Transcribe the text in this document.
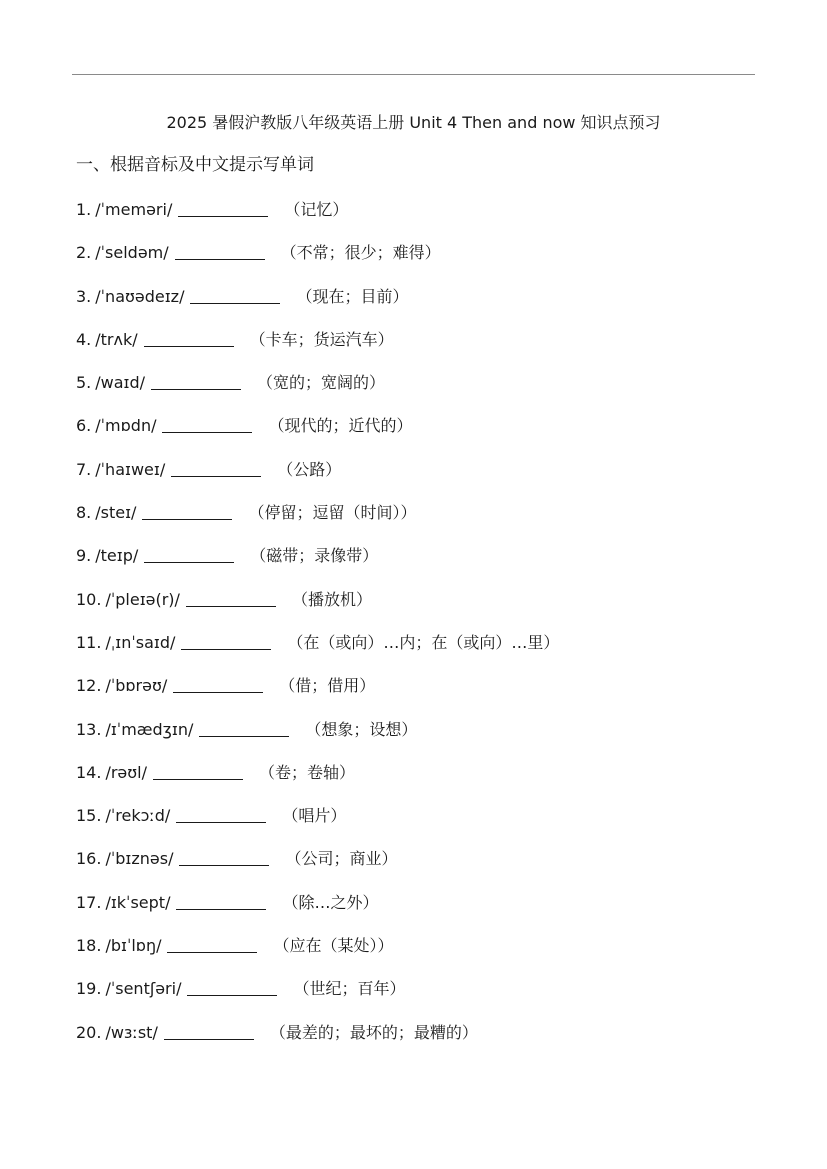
2025 暑假沪教版八年级英语上册 Unit 4 Then and now 知识点预习
一、根据音标及中文提示写单词
1. /ˈmeməri/	（记忆）
2. /ˈseldəm/	（不常；很少；难得）
3. /ˈnaʊədeɪz/	（现在；目前）
4. /trʌk/	（卡车；货运汽车）
5. /waɪd/	（宽的；宽阔的）
6. /ˈmɒdn/	（现代的；近代的）
7. /ˈhaɪweɪ/	（公路）
8. /steɪ/	（停留；逗留（时间））
9. /teɪp/	（磁带；录像带）
10. /ˈpleɪə(r)/	（播放机）
11. /ˌɪnˈsaɪd/	（在（或向）…内；在（或向）…里）
12. /ˈbɒrəʊ/	（借；借用）
13. /ɪˈmædʒɪn/	（想象；设想）
14. /rəʊl/	（卷；卷轴）
15. /ˈrekɔːd/	（唱片）
16. /ˈbɪznəs/	（公司；商业）
17. /ɪkˈsept/	（除…之外）
18. /bɪˈlɒŋ/	（应在（某处））
19. /ˈsentʃəri/	（世纪；百年）
20. /wɜːst/	（最差的；最坏的；最糟的）
